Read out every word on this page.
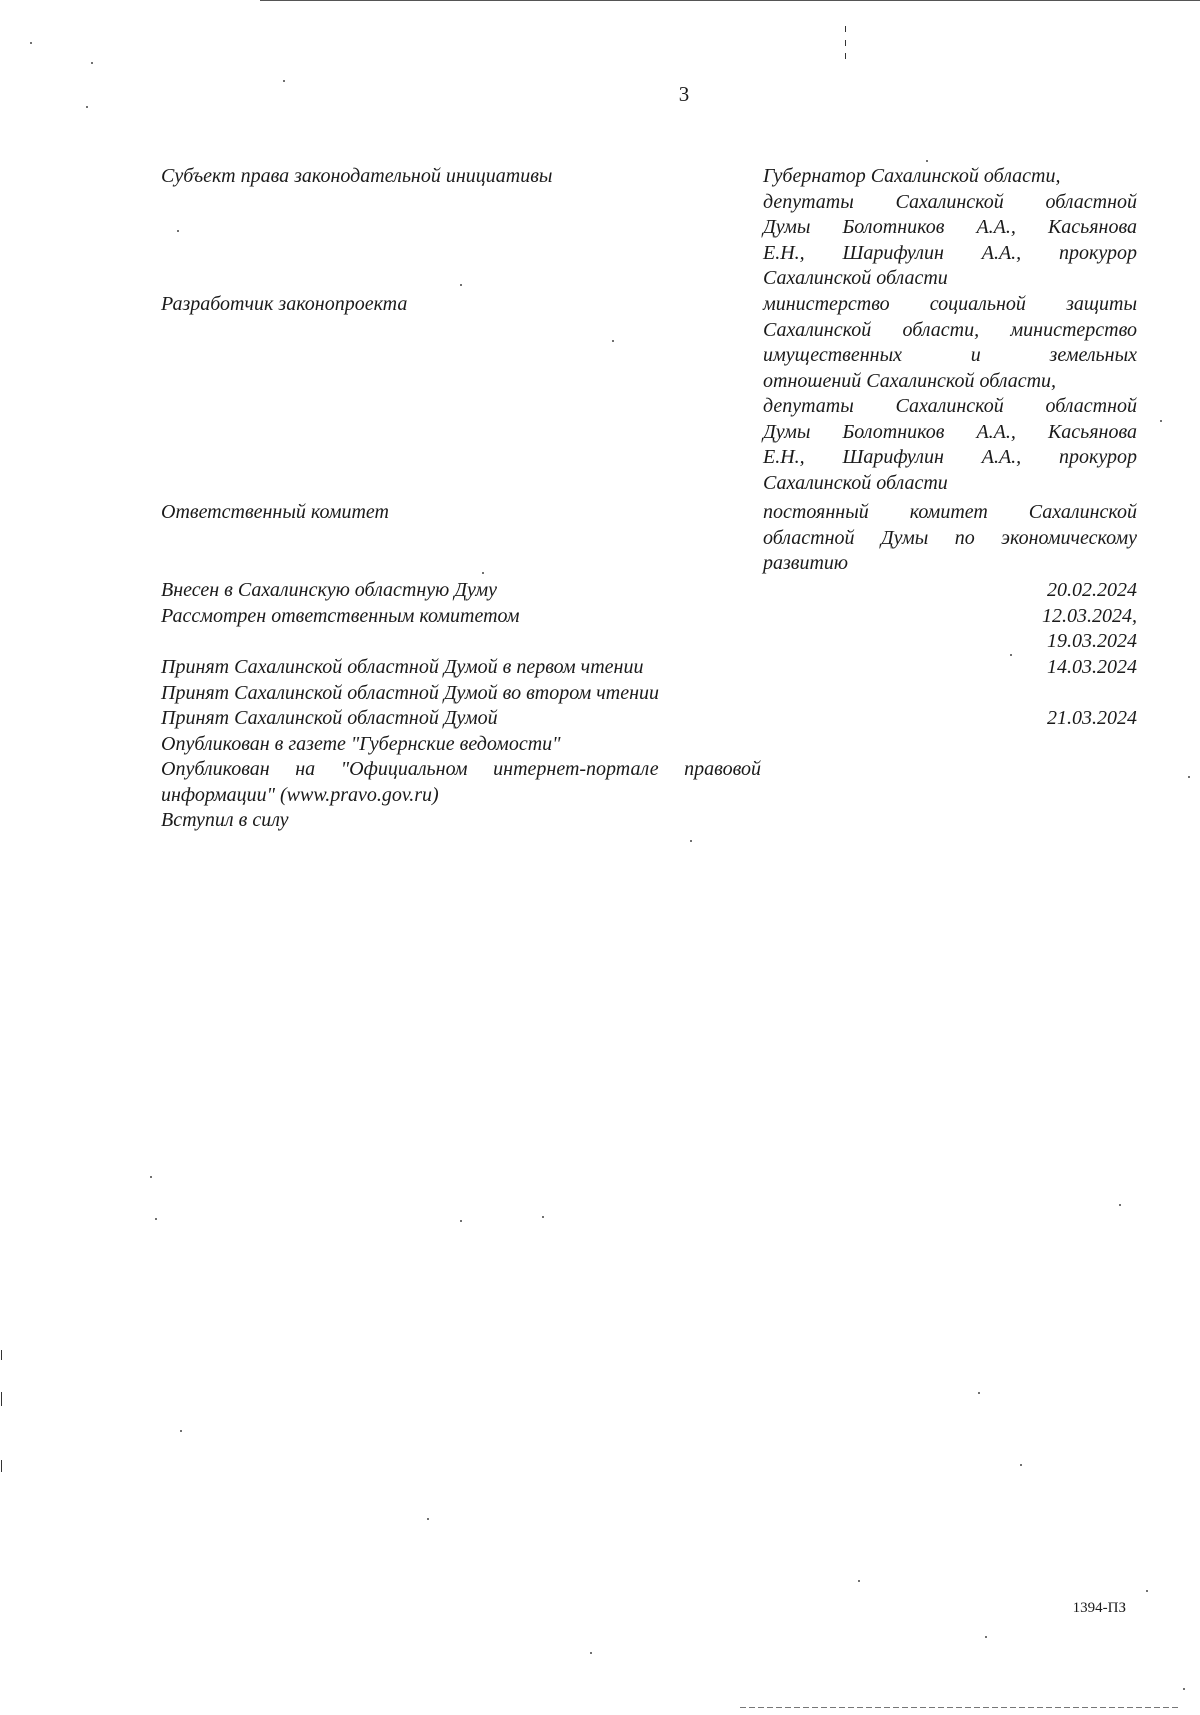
3
Субъект права законодательной инициативы	Губернатор Сахалинской области,
депутаты Сахалинской областной
Думы Болотников А.А., Касьянова
Е.Н., Шарифулин А.А., прокурор
Сахалинской области
Разработчик законопроекта	министерство социальной защиты
Сахалинской области, министерство
имущественных и земельных
отношений Сахалинской области,
депутаты Сахалинской областной
Думы Болотников А.А., Касьянова
Е.Н., Шарифулин А.А., прокурор
Сахалинской области
Ответственный комитет	постоянный комитет Сахалинской
областной Думы по экономическому
развитию
Внесен в Сахалинскую областную Думу	20.02.2024
Рассмотрен ответственным комитетом	12.03.2024,
19.03.2024
Принят Сахалинской областной Думой в первом чтении	14.03.2024
Принят Сахалинской областной Думой во втором чтении
Принят Сахалинской областной Думой	21.03.2024
Опубликован в газете "Губернские ведомости"
Опубликован на "Официальном интернет-портале правовой информации" (www.pravo.gov.ru)
Вступил в силу
1394-ПЗ
